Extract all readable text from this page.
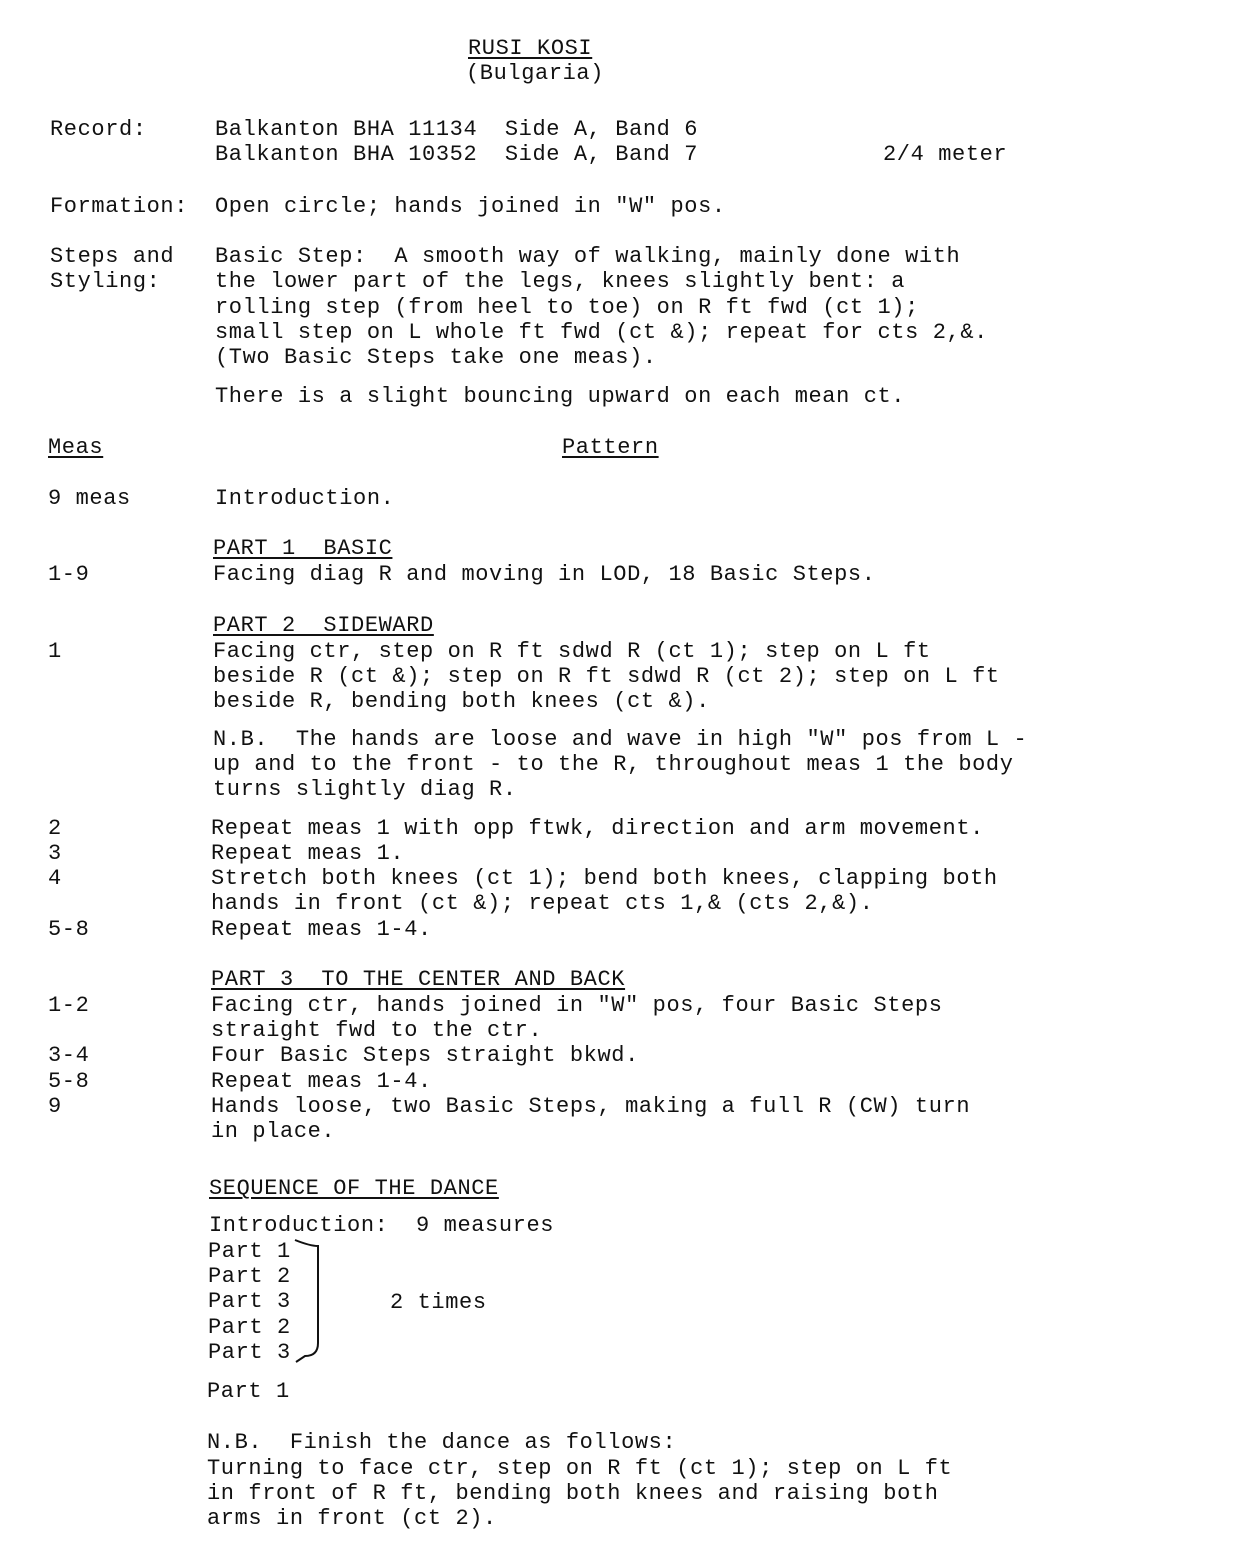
RUSI KOSI
(Bulgaria)
Record:	Balkanton BHA 11134  Side A, Band 6
Balkanton BHA 10352  Side A, Band 7	2/4 meter
Formation: Open circle; hands joined in "W" pos.
Steps and
Styling:
Basic Step:  A smooth way of walking, mainly done with
the lower part of the legs, knees slightly bent: a
rolling step (from heel to toe) on R ft fwd (ct 1);
small step on L whole ft fwd (ct &); repeat for cts 2,&.
(Two Basic Steps take one meas).
There is a slight bouncing upward on each mean ct.
Meas	Pattern
9 meas	Introduction.
PART 1  BASIC
1-9	Facing diag R and moving in LOD, 18 Basic Steps.
PART 2  SIDEWARD
1	Facing ctr, step on R ft sdwd R (ct 1); step on L ft
beside R (ct &); step on R ft sdwd R (ct 2); step on L ft
beside R, bending both knees (ct &).
N.B.  The hands are loose and wave in high "W" pos from L -
up and to the front - to the R, throughout meas 1 the body
turns slightly diag R.
2	Repeat meas 1 with opp ftwk, direction and arm movement.
3	Repeat meas 1.
4	Stretch both knees (ct 1); bend both knees, clapping both
hands in front (ct &); repeat cts 1,& (cts 2,&).
5-8	Repeat meas 1-4.
PART 3  TO THE CENTER AND BACK
1-2	Facing ctr, hands joined in "W" pos, four Basic Steps
straight fwd to the ctr.
3-4	Four Basic Steps straight bkwd.
5-8	Repeat meas 1-4.
9	Hands loose, two Basic Steps, making a full R (CW) turn
in place.
SEQUENCE OF THE DANCE
Introduction:  9 measures
Part 1
Part 2
Part 3
Part 2
Part 3
2 times
Part 1
N.B.  Finish the dance as follows:
Turning to face ctr, step on R ft (ct 1); step on L ft
in front of R ft, bending both knees and raising both
arms in front (ct 2).
